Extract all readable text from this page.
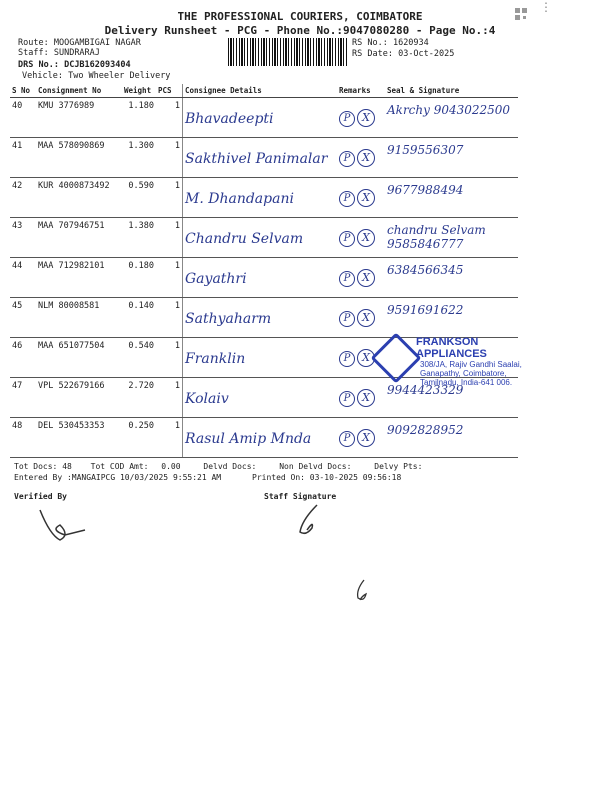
⋮
THE PROFESSIONAL COURIERS, COIMBATORE
Delivery Runsheet - PCG - Phone No.:9047080280 - Page No.:4
Route: MOOGAMBIGAI NAGAR
Staff: SUNDRARAJ
DRS No.: DCJB162093404
Vehicle: Two Wheeler Delivery
RS No.: 1620934
RS Date: 03-Oct-2025
S No	Consignment No	Weight	PCS	Consignee Details	Remarks	Seal & Signature
40	KMU 3776989	1.180	1	Bhavadeepti	P X	Akrchy 9043022500
41	MAA 578090869	1.300	1	Sakthivel Panimalar	P X	9159556307
42	KUR 4000873492	0.590	1	M. Dhandapani	P X	9677988494
43	MAA 707946751	1.380	1	Chandru Selvam	P X	chandru Selvam 9585846777
44	MAA 712982101	0.180	1	Gayathri	P X	6384566345
45	NLM 80008581	0.140	1	Sathyaharm	P X	9591691622
46	MAA 651077504	0.540	1	Franklin	P X	
47	VPL 522679166	2.720	1	Kolaiv	P X	9944423329
48	DEL 530453353	0.250	1	Rasul Amip Mnda	P X	9092828952
FRANKSON APPLIANCES
308/JA, Rajiv Gandhi Saalai,
Ganapathy, Coimbatore,
Tamilnadu, India-641 006.
Tot Docs: 48 Tot COD Amt: 0.00	Delvd Docs:	Non Delvd Docs:	Delvy Pts:
Entered By :MANGAIPCG 10/03/2025 9:55:21 AM	Printed On: 03-10-2025 09:56:18
Verified By	Staff Signature
